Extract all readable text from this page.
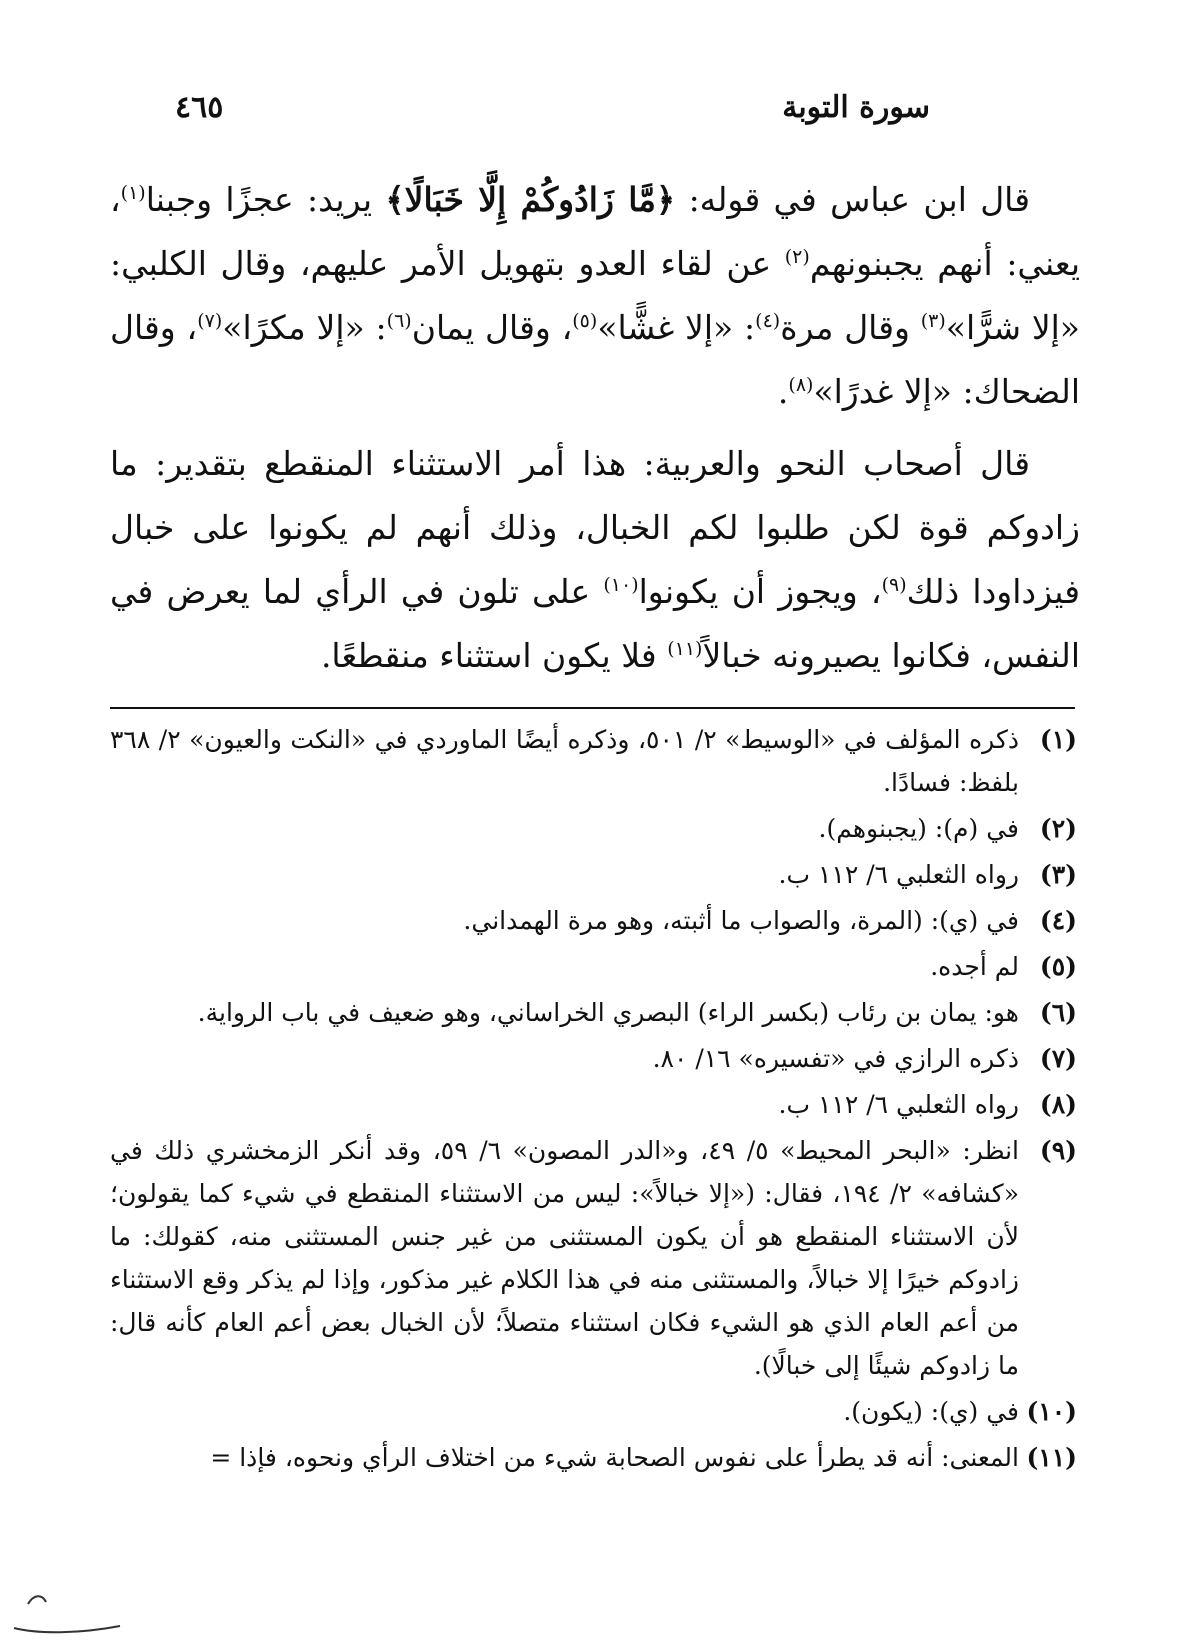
سورة التوبة
٤٦٥

قال ابن عباس في قوله: ﴿مَّا زَادُوكُمْ إِلَّا خَبَالًا﴾ يريد: عجزًا وجبنا$^{(١)}$، يعني: أنهم يجبنونهم$^{(٢)}$ عن لقاء العدو بتهويل الأمر عليهم، وقال الكلبي: «إلا شرًّا»$^{(٣)}$ وقال مرة$^{(٤)}$: «إلا غشًّا»$^{(٥)}$، وقال يمان$^{(٦)}$: «إلا مكرًا»$^{(٧)}$، وقال الضحاك: «إلا غدرًا»$^{(٨)}$.

قال أصحاب النحو والعربية: هذا أمر الاستثناء المنقطع بتقدير: ما زادوكم قوة لكن طلبوا لكم الخبال، وذلك أنهم لم يكونوا على خبال فيزداودا ذلك$^{(٩)}$، ويجوز أن يكونوا$^{(١٠)}$ على تلون في الرأي لما يعرض في النفس، فكانوا يصيرونه خبالاً$^{(١١)}$ فلا يكون استثناء منقطعًا.

(١)
ذكره المؤلف في «الوسيط» ٢/ ٥٠١، وذكره أيضًا الماوردي في «النكت والعيون» ٢/ ٣٦٨ بلفظ: فسادًا.
(٢)
في (م): (يجبنوهم).
(٣)
رواه الثعلبي ٦/ ١١٢ ب.
(٤)
في (ي): (المرة، والصواب ما أثبته، وهو مرة الهمداني.
(٥)
لم أجده.
(٦)
هو: يمان بن رئاب (بكسر الراء) البصري الخراساني، وهو ضعيف في باب الرواية.
(٧)
ذكره الرازي في «تفسيره» ١٦/ ٨٠.
(٨)
رواه الثعلبي ٦/ ١١٢ ب.
(٩)
انظر: «البحر المحيط» ٥/ ٤٩، و«الدر المصون» ٦/ ٥٩، وقد أنكر الزمخشري ذلك في «كشافه» ٢/ ١٩٤، فقال: («إلا خبالاً»: ليس من الاستثناء المنقطع في شيء كما يقولون؛ لأن الاستثناء المنقطع هو أن يكون المستثنى من غير جنس المستثنى منه، كقولك: ما زادوكم خيرًا إلا خبالاً، والمستثنى منه في هذا الكلام غير مذكور، وإذا لم يذكر وقع الاستثناء من أعم العام الذي هو الشيء فكان استثناء متصلاً؛ لأن الخبال بعض أعم العام كأنه قال: ما زادوكم شيئًا إلى خبالًا).
(١٠)
في (ي): (يكون).
(١١)
المعنى: أنه قد يطرأ على نفوس الصحابة شيء من اختلاف الرأي ونحوه، فإذا =
